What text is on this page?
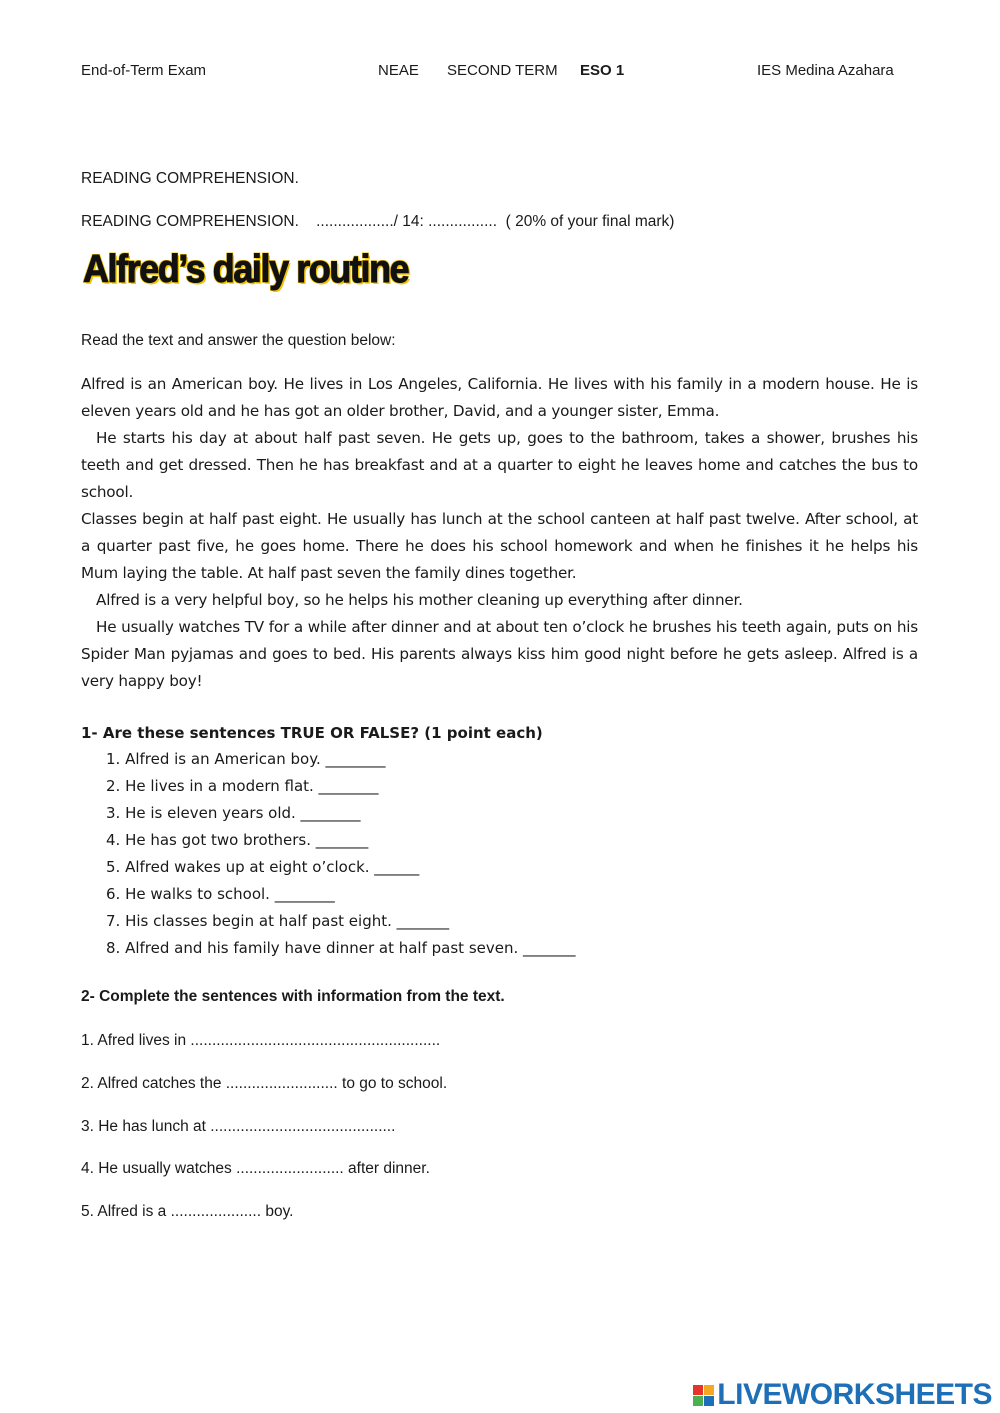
End-of-Term Exam	NEAE SECOND TERM ESO 1	IES Medina Azahara
READING COMPREHENSION.
READING COMPREHENSION.    ................../ 14: ................  ( 20% of your final mark)
Alfred’s daily routine
Read the text and answer the question below:

Alfred is an American boy. He lives in Los Angeles, California. He lives with his family in a modern house. He is eleven years old and he has got an older brother, David, and a younger sister, Emma.

He starts his day at about half past seven. He gets up, goes to the bathroom, takes a shower, brushes his teeth and get dressed. Then he has breakfast and at a quarter to eight he leaves home and catches the bus to school.

Classes begin at half past eight. He usually has lunch at the school canteen at half past twelve. After school, at a quarter past five, he goes home. There he does his school homework and when he finishes it he helps his Mum laying the table. At half past seven the family dines together.

Alfred is a very helpful boy, so he helps his mother cleaning up everything after dinner.

He usually watches TV for a while after dinner and at about ten o’clock he brushes his teeth again, puts on his Spider Man pyjamas and goes to bed. His parents always kiss him good night before he gets asleep. Alfred is a very happy boy!

1- Are these sentences TRUE OR FALSE? (1 point each)
1. Alfred is an American boy. ________
2. He lives in a modern flat. ________
3. He is eleven years old. ________
4. He has got two brothers. _______
5. Alfred wakes up at eight o’clock. ______
6. He walks to school. ________
7. His classes begin at half past eight. _______
8. Alfred and his family have dinner at half past seven. _______
2- Complete the sentences with information from the text.
1. Afred lives in ..........................................................
2. Alfred catches the .......................... to go to school.
3. He has lunch at ...........................................
4. He usually watches ......................... after dinner.
5. Alfred is a ..................... boy.
LIVEWORKSHEETS
